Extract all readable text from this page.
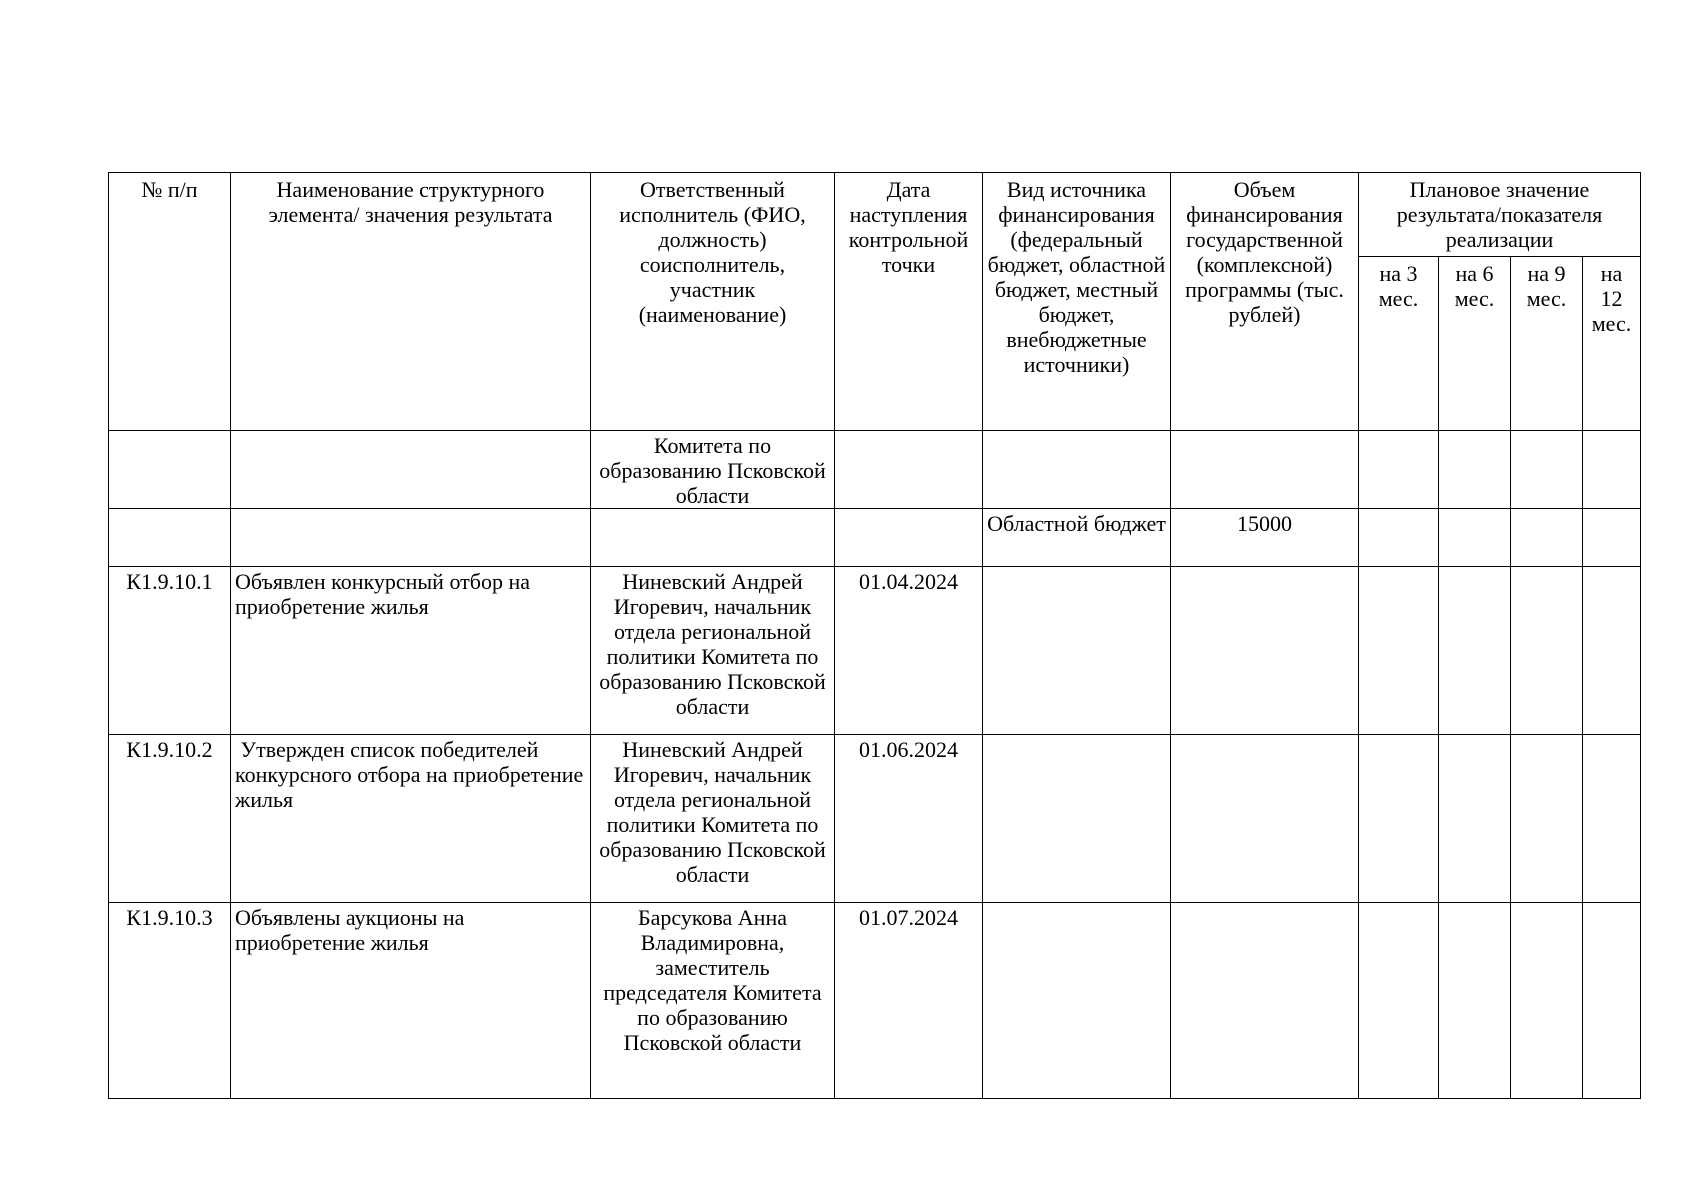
№ п/п	Наименование структурного элемента/ значения результата	Ответственный исполнитель (ФИО, должность) соисполнитель, участник (наименование)	Дата наступления контрольной точки	Вид источника финансирования (федеральный бюджет, областной бюджет, местный бюджет, внебюджетные источники)	Объем финансирования государственной (комплексной) программы (тыс. рублей)	Плановое значение результата/показателя реализации			
						на 3 мес.	на 6 мес.	на 9 мес.	на 12 мес.
		Комитета по образованию Псковской области							
				Областной бюджет	15000				
К1.9.10.1	Объявлен конкурсный отбор на приобретение жилья	Ниневский Андрей Игоревич, начальник отдела региональной политики Комитета по образованию Псковской области	01.04.2024						
К1.9.10.2	Утвержден список победителей конкурсного отбора на приобретение жилья	Ниневский Андрей Игоревич, начальник отдела региональной политики Комитета по образованию Псковской области	01.06.2024						
К1.9.10.3	Объявлены аукционы на приобретение жилья	Барсукова Анна Владимировна, заместитель председателя Комитета по образованию Псковской области	01.07.2024						
